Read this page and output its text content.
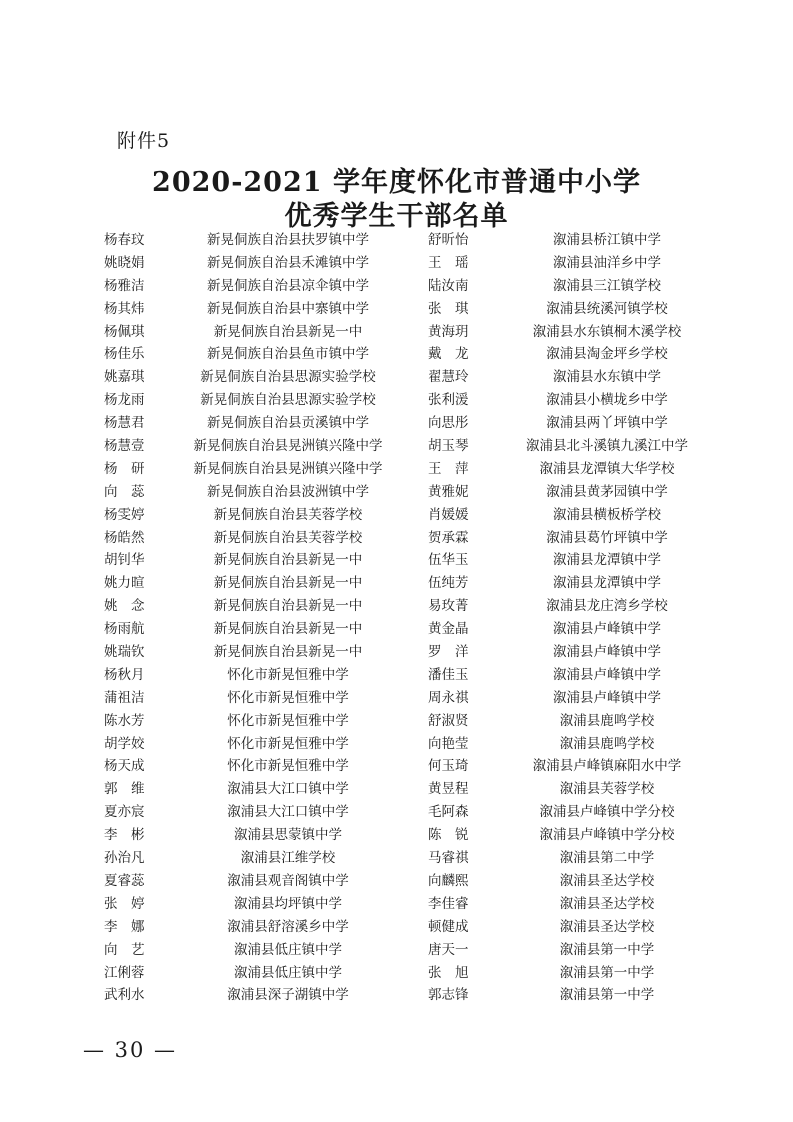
附件5
2020-2021 学年度怀化市普通中小学
优秀学生干部名单
杨春玟	新晃侗族自治县扶罗镇中学	舒昕怡	溆浦县桥江镇中学
姚晓娟	新晃侗族自治县禾滩镇中学	王　瑶	溆浦县油洋乡中学
杨雅洁	新晃侗族自治县凉伞镇中学	陆汝南	溆浦县三江镇学校
杨其炜	新晃侗族自治县中寨镇中学	张　琪	溆浦县统溪河镇学校
杨佩琪	新晃侗族自治县新晃一中	黄海玥	溆浦县水东镇桐木溪学校
杨佳乐	新晃侗族自治县鱼市镇中学	戴　龙	溆浦县淘金坪乡学校
姚嘉琪	新晃侗族自治县思源实验学校	翟慧玲	溆浦县水东镇中学
杨龙雨	新晃侗族自治县思源实验学校	张利湲	溆浦县小横垅乡中学
杨慧君	新晃侗族自治县贡溪镇中学	向思彤	溆浦县两丫坪镇中学
杨慧壹	新晃侗族自治县晃洲镇兴隆中学	胡玉琴	溆浦县北斗溪镇九溪江中学
杨　研	新晃侗族自治县晃洲镇兴隆中学	王　萍	溆浦县龙潭镇大华学校
向　蕊	新晃侗族自治县波洲镇中学	黄雅妮	溆浦县黄茅园镇中学
杨雯婷	新晃侗族自治县芙蓉学校	肖媛媛	溆浦县横板桥学校
杨皓然	新晃侗族自治县芙蓉学校	贺承霖	溆浦县葛竹坪镇中学
胡钊华	新晃侗族自治县新晃一中	伍华玉	溆浦县龙潭镇中学
姚力暄	新晃侗族自治县新晃一中	伍纯芳	溆浦县龙潭镇中学
姚　念	新晃侗族自治县新晃一中	易玫菁	溆浦县龙庄湾乡学校
杨雨航	新晃侗族自治县新晃一中	黄金晶	溆浦县卢峰镇中学
姚瑞钦	新晃侗族自治县新晃一中	罗　洋	溆浦县卢峰镇中学
杨秋月	怀化市新晃恒雅中学	潘佳玉	溆浦县卢峰镇中学
蒲祖洁	怀化市新晃恒雅中学	周永祺	溆浦县卢峰镇中学
陈水芳	怀化市新晃恒雅中学	舒淑贤	溆浦县鹿鸣学校
胡学姣	怀化市新晃恒雅中学	向艳莹	溆浦县鹿鸣学校
杨天成	怀化市新晃恒雅中学	何玉琦	溆浦县卢峰镇麻阳水中学
郭　维	溆浦县大江口镇中学	黄昱程	溆浦县芙蓉学校
夏亦宸	溆浦县大江口镇中学	毛阿森	溆浦县卢峰镇中学分校
李　彬	溆浦县思蒙镇中学	陈　锐	溆浦县卢峰镇中学分校
孙治凡	溆浦县江维学校	马睿祺	溆浦县第二中学
夏睿蕊	溆浦县观音阁镇中学	向麟熙	溆浦县圣达学校
张　婷	溆浦县均坪镇中学	李佳睿	溆浦县圣达学校
李　娜	溆浦县舒溶溪乡中学	顿健成	溆浦县圣达学校
向　艺	溆浦县低庄镇中学	唐天一	溆浦县第一中学
江俐蓉	溆浦县低庄镇中学	张　旭	溆浦县第一中学
武利水	溆浦县深子湖镇中学	郭志锋	溆浦县第一中学
— 30 —
